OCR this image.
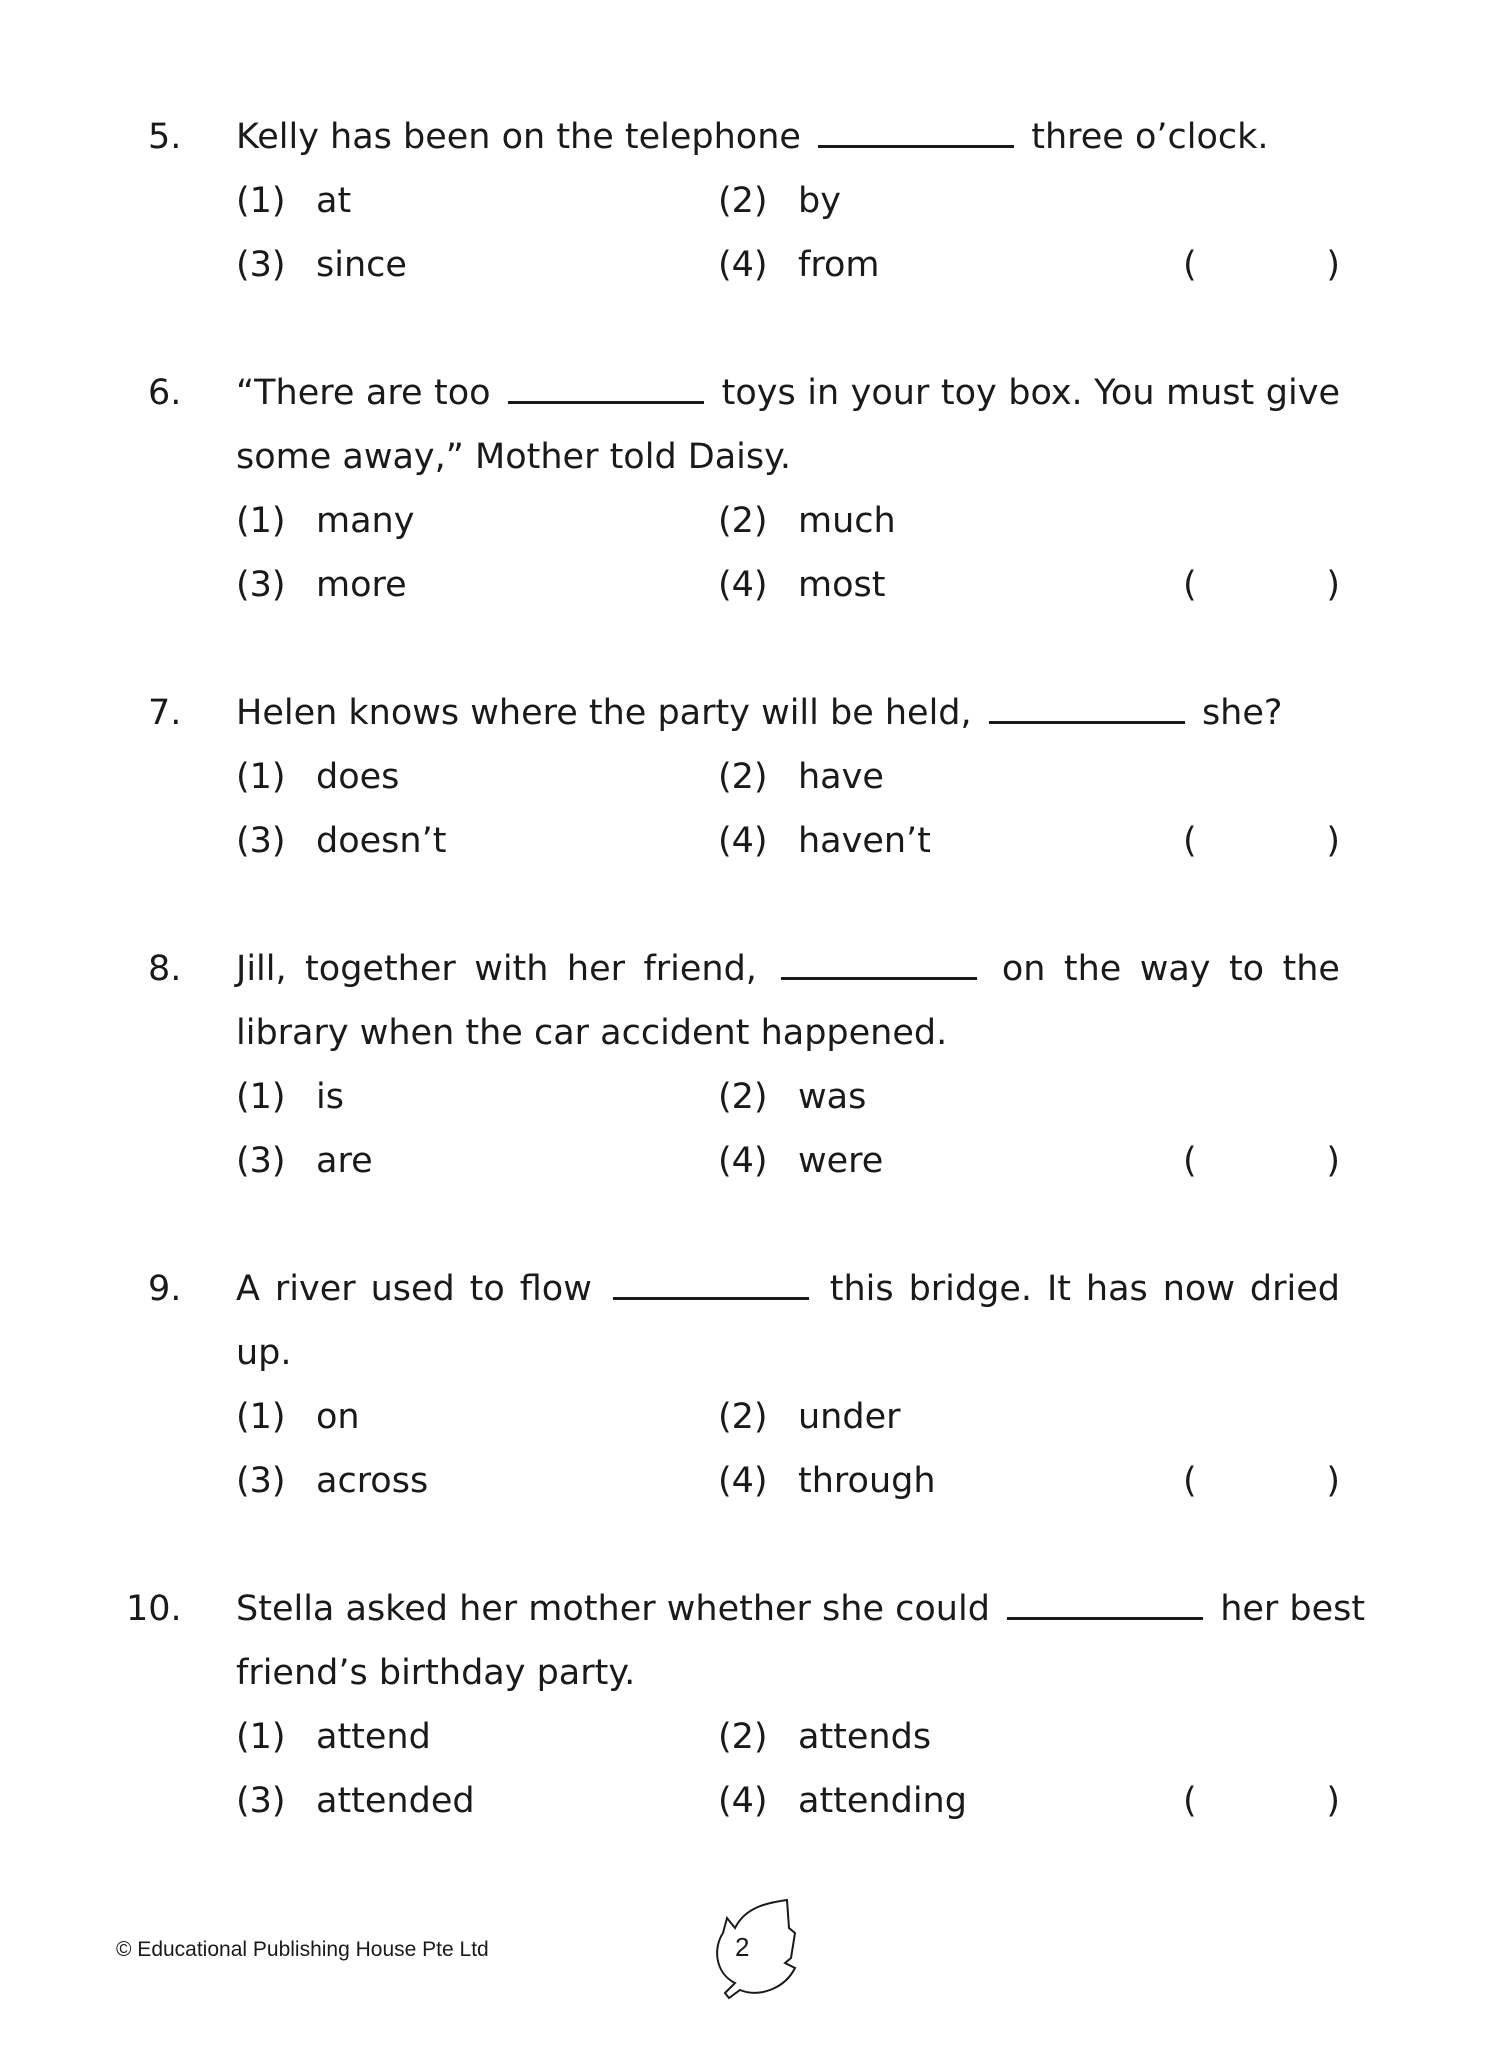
5. Kelly has been on the telephone	three o’clock.
(1) at	(2) by
(3) since	(4) from	(	)
6. “There are too	toys in your toy box. You must give
some away,” Mother told Daisy.
(1) many	(2) much
(3) more	(4) most	(	)
7. Helen knows where the party will be held,	she?
(1) does	(2) have
(3) doesn’t	(4) haven’t	(	)
8. Jill, together with her friend,	on the way to the
library when the car accident happened.
(1) is	(2) was
(3) are	(4) were	(	)
9. A river used to flow	this bridge. It has now dried
up.
(1) on	(2) under
(3) across	(4) through	(	)
10. Stella asked her mother whether she could	her best
friend’s birthday party.
(1) attend	(2) attends
(3) attended	(4) attending	(	)
© Educational Publishing House Pte Ltd	2
